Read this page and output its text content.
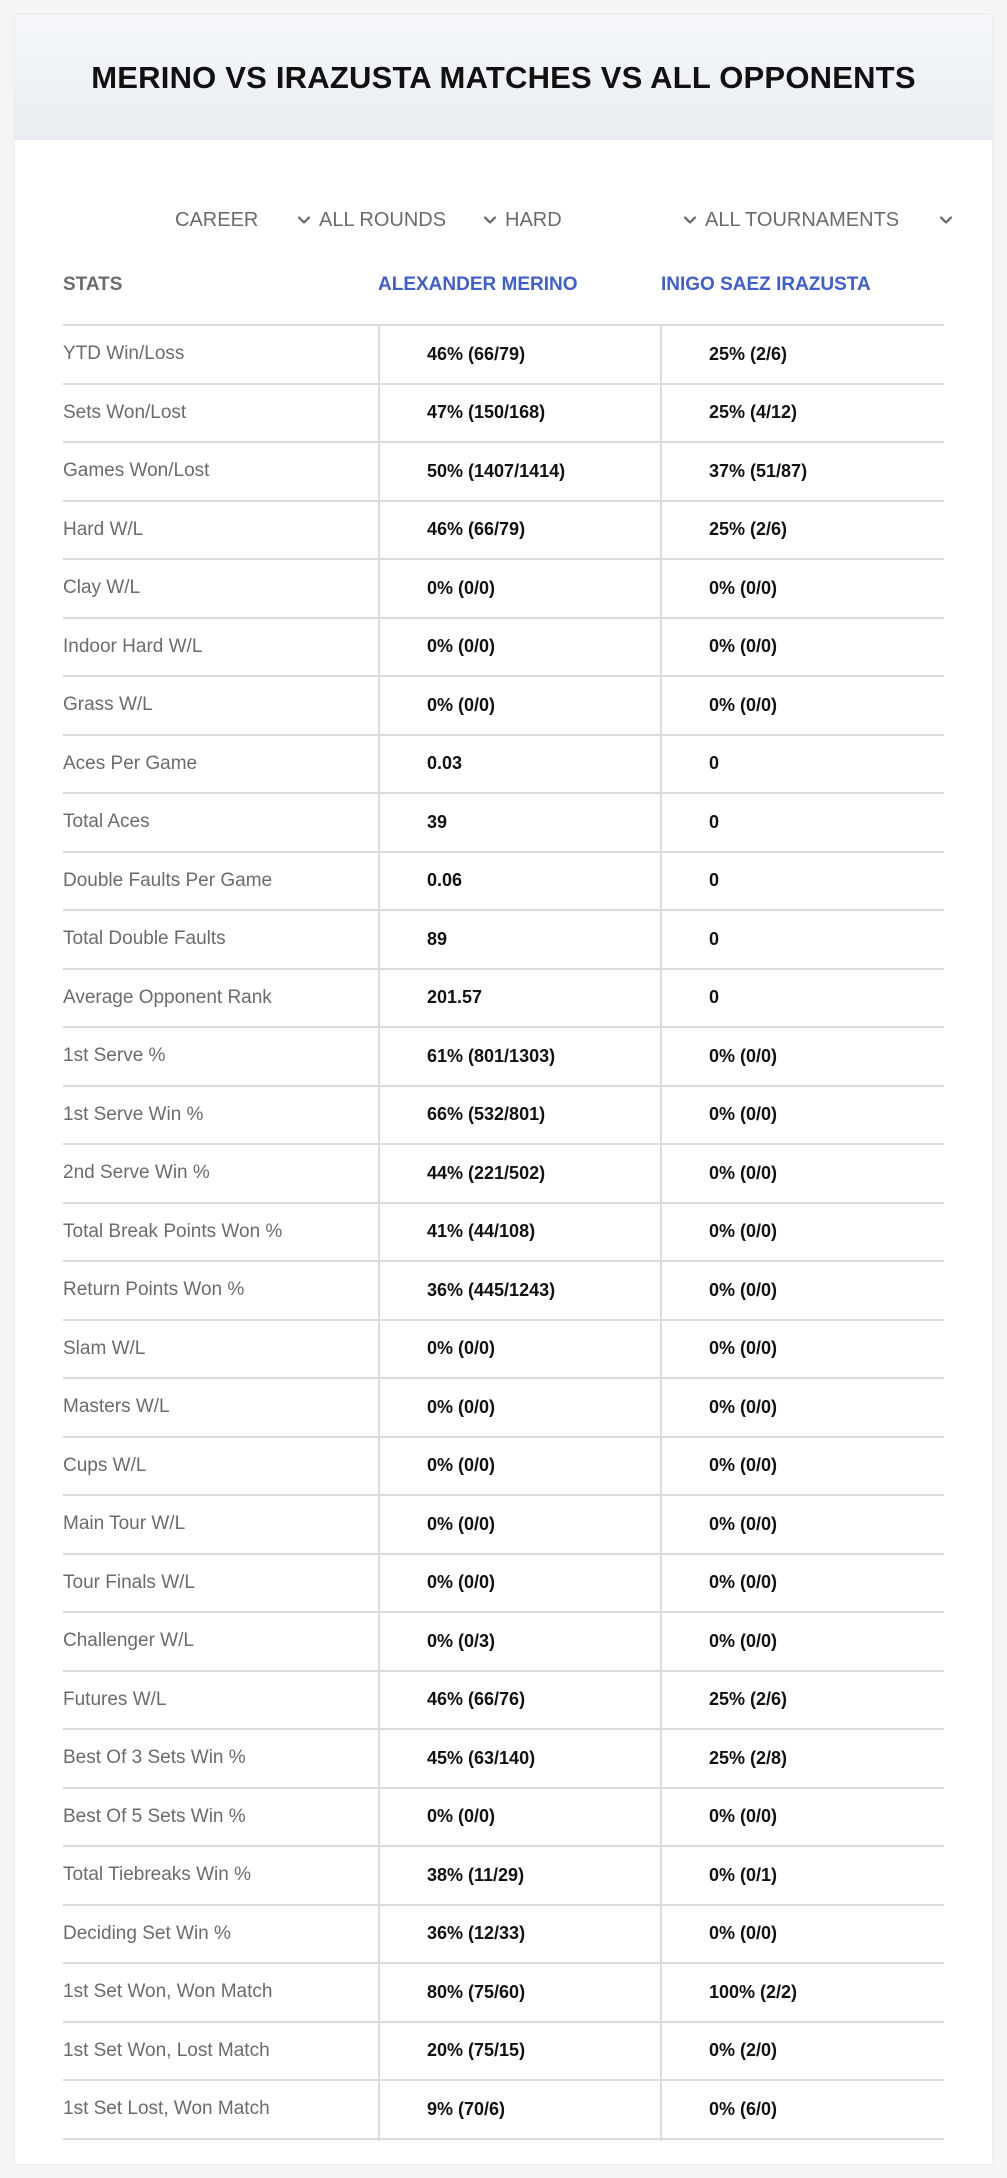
MERINO VS IRAZUSTA MATCHES VS ALL OPPONENTS
CAREER	ALL ROUNDS	HARD	ALL TOURNAMENTS
STATS	ALEXANDER MERINO	INIGO SAEZ IRAZUSTA
YTD Win/Loss	46% (66/79)	25% (2/6)
Sets Won/Lost	47% (150/168)	25% (4/12)
Games Won/Lost	50% (1407/1414)	37% (51/87)
Hard W/L	46% (66/79)	25% (2/6)
Clay W/L	0% (0/0)	0% (0/0)
Indoor Hard W/L	0% (0/0)	0% (0/0)
Grass W/L	0% (0/0)	0% (0/0)
Aces Per Game	0.03	0
Total Aces	39	0
Double Faults Per Game	0.06	0
Total Double Faults	89	0
Average Opponent Rank	201.57	0
1st Serve %	61% (801/1303)	0% (0/0)
1st Serve Win %	66% (532/801)	0% (0/0)
2nd Serve Win %	44% (221/502)	0% (0/0)
Total Break Points Won %	41% (44/108)	0% (0/0)
Return Points Won %	36% (445/1243)	0% (0/0)
Slam W/L	0% (0/0)	0% (0/0)
Masters W/L	0% (0/0)	0% (0/0)
Cups W/L	0% (0/0)	0% (0/0)
Main Tour W/L	0% (0/0)	0% (0/0)
Tour Finals W/L	0% (0/0)	0% (0/0)
Challenger W/L	0% (0/3)	0% (0/0)
Futures W/L	46% (66/76)	25% (2/6)
Best Of 3 Sets Win %	45% (63/140)	25% (2/8)
Best Of 5 Sets Win %	0% (0/0)	0% (0/0)
Total Tiebreaks Win %	38% (11/29)	0% (0/1)
Deciding Set Win %	36% (12/33)	0% (0/0)
1st Set Won, Won Match	80% (75/60)	100% (2/2)
1st Set Won, Lost Match	20% (75/15)	0% (2/0)
1st Set Lost, Won Match	9% (70/6)	0% (6/0)
